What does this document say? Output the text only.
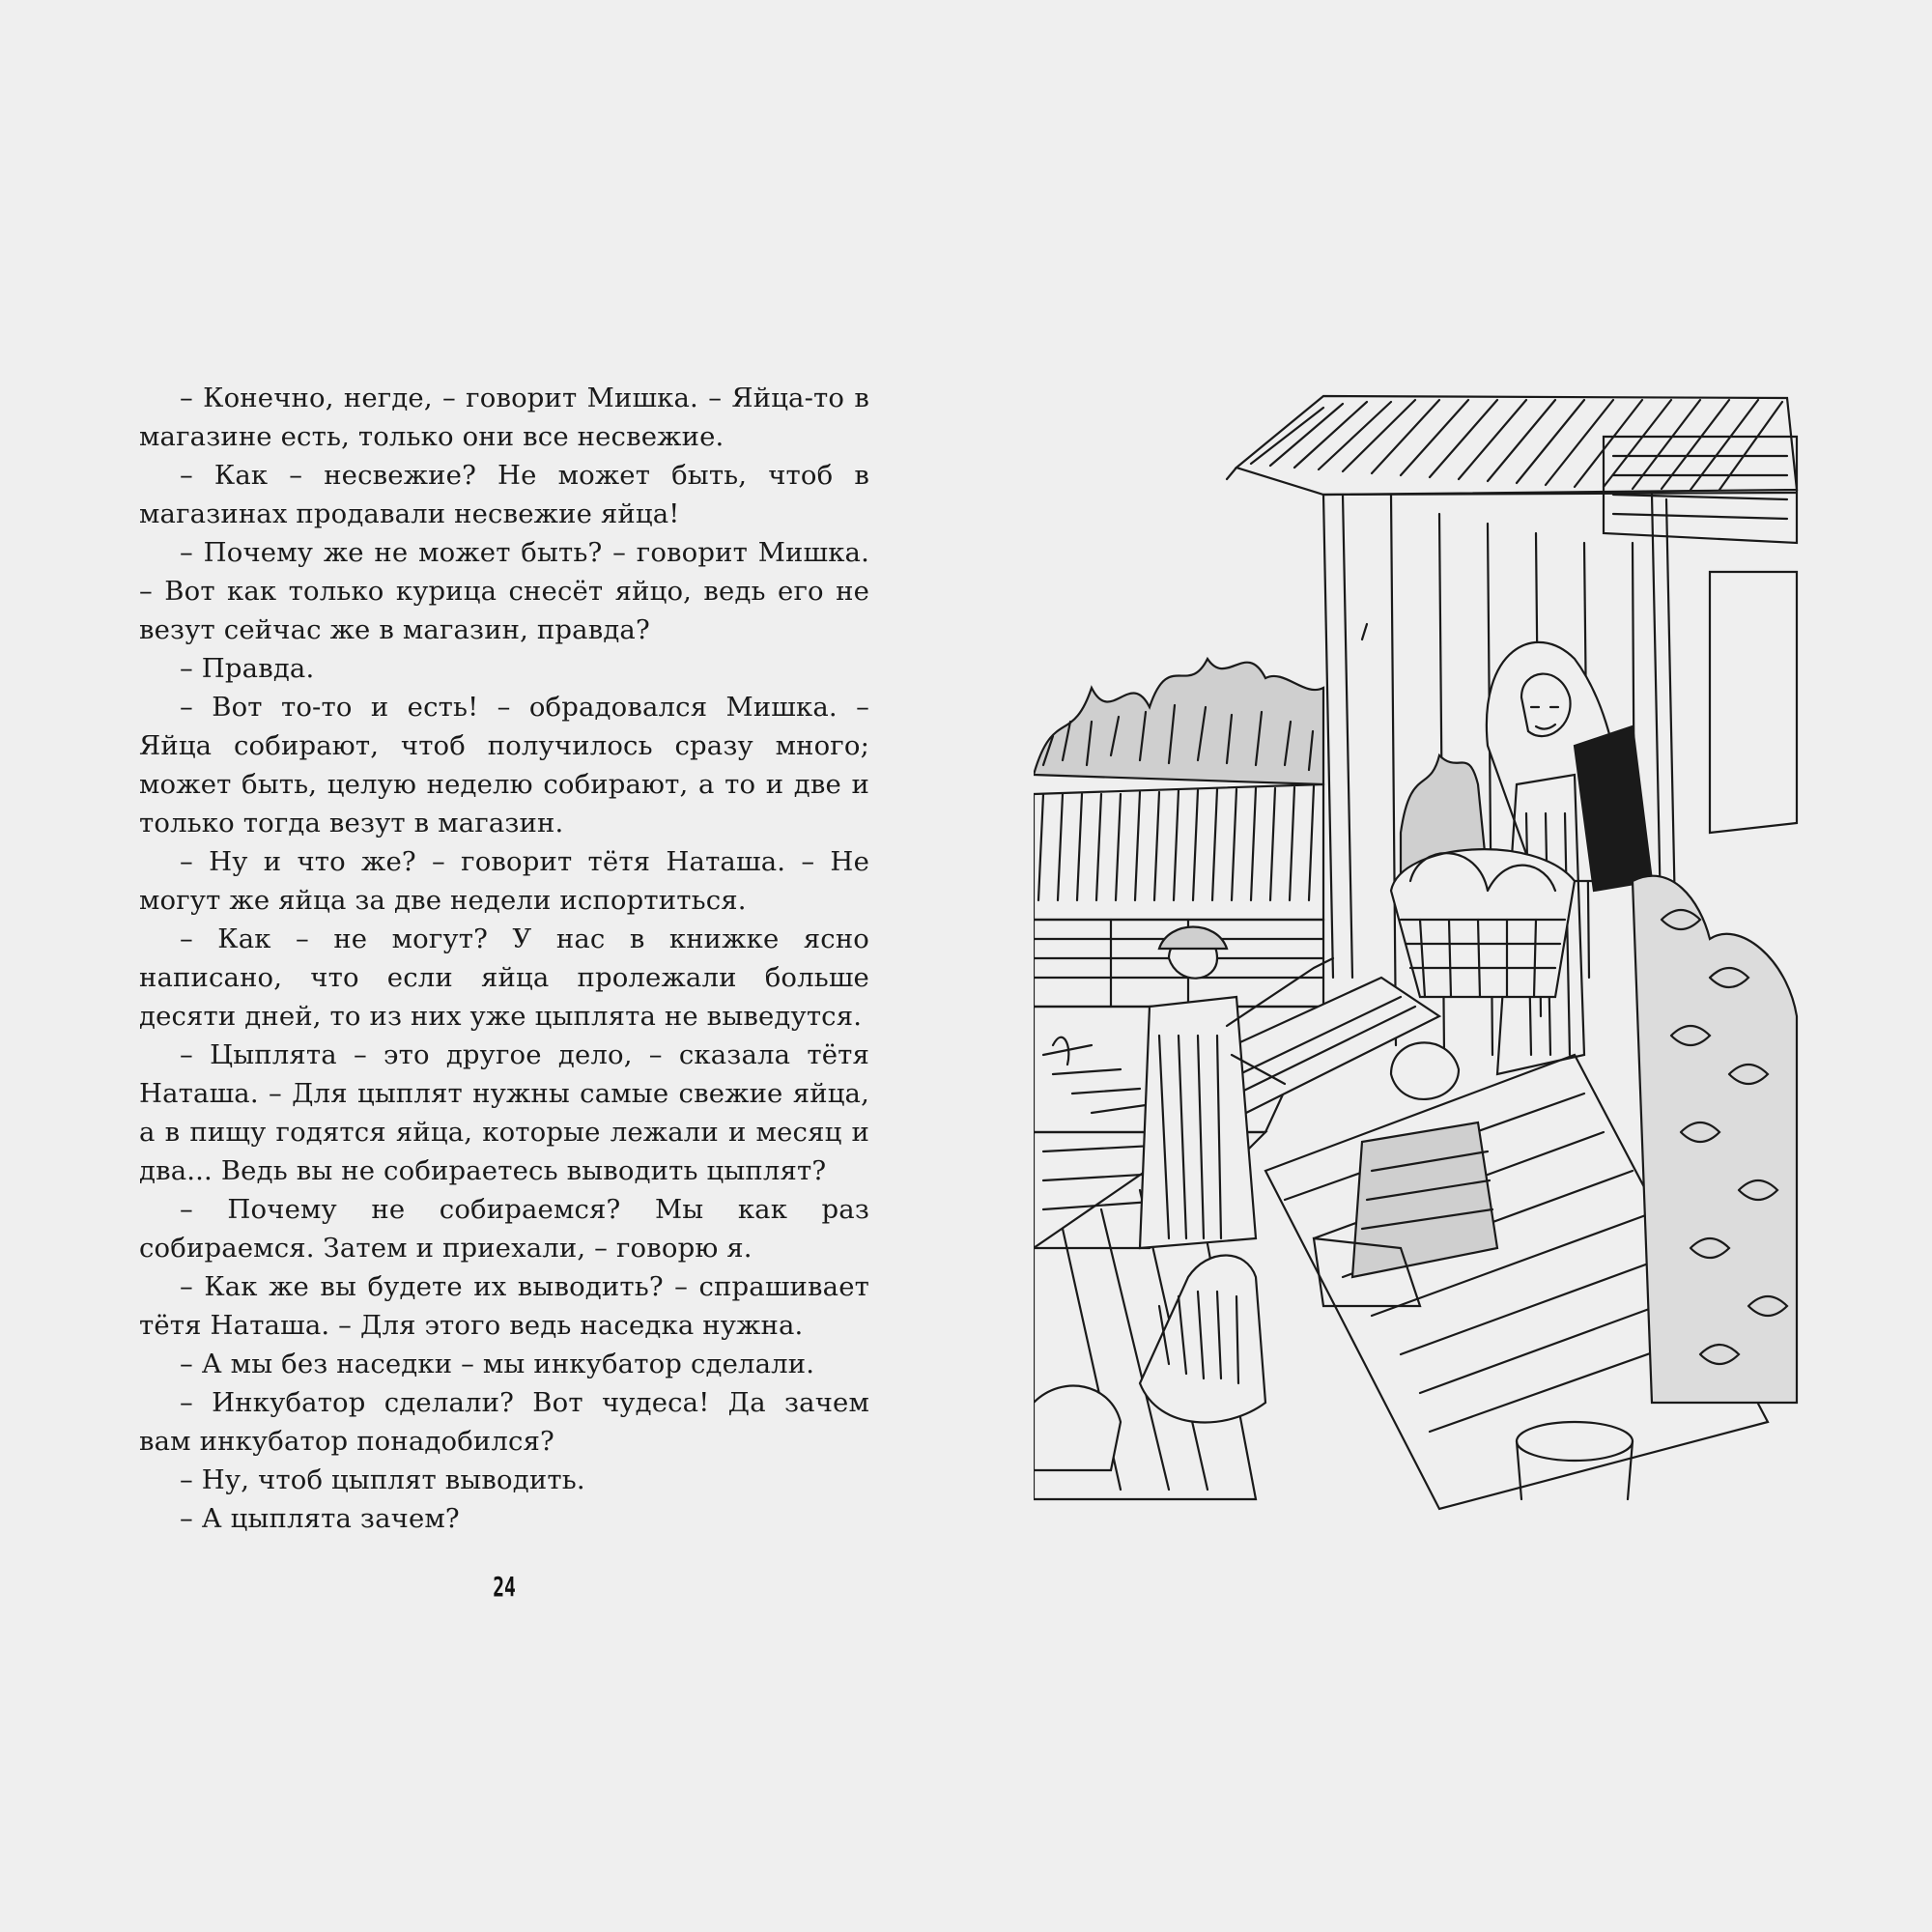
– Конечно, негде, – говорит Мишка. – Яйца-то в магазине есть, только они все несвежие.

– Как – несвежие? Не может быть, чтоб в магазинах продавали несвежие яйца!

– Почему же не может быть? – говорит Мишка. – Вот как только курица снесёт яйцо, ведь его не везут сейчас же в магазин, правда?

– Правда.

– Вот то-то и есть! – обрадовался Мишка. – Яйца собирают, чтоб получилось сразу много; может быть, целую неделю собирают, а то и две и только тогда везут в магазин.

– Ну и что же? – говорит тётя Наташа. – Не могут же яйца за две недели испортиться.

– Как – не могут? У нас в книжке ясно написано, что если яйца пролежали больше десяти дней, то из них уже цыплята не выведутся.

– Цыплята – это другое дело, – сказала тётя Наташа. – Для цыплят нужны самые свежие яйца, а в пищу годятся яйца, которые лежали и месяц и два... Ведь вы не собираетесь выводить цыплят?

– Почему не собираемся? Мы как раз собираемся. Затем и приехали, – говорю я.

– Как же вы будете их выводить? – спрашивает тётя Наташа. – Для этого ведь наседка нужна.

– А мы без наседки – мы инкубатор сделали.

– Инкубатор сделали? Вот чудеса! Да зачем вам инкубатор понадобился?

– Ну, чтоб цыплят выводить.

– А цыплята зачем?

24
